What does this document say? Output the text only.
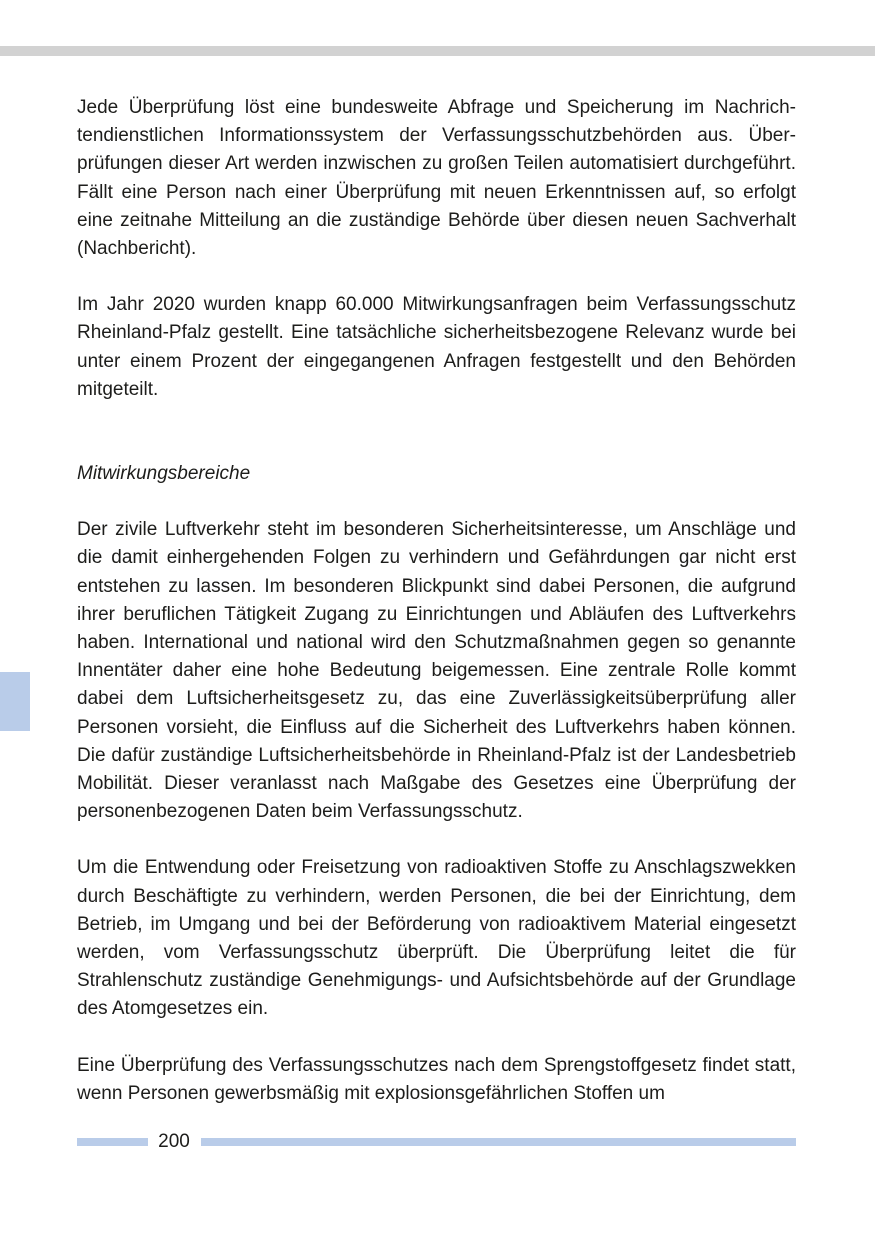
Jede Überprüfung löst eine bundesweite Abfrage und Speicherung im Nachrichtendienstlichen Informationssystem der Verfassungsschutzbehörden aus. Überprüfungen dieser Art werden inzwischen zu großen Teilen automatisiert durchgeführt. Fällt eine Person nach einer Überprüfung mit neuen Erkenntnissen auf, so erfolgt eine zeitnahe Mitteilung an die zuständige Behörde über diesen neuen Sachverhalt (Nachbericht).

Im Jahr 2020 wurden knapp 60.000 Mitwirkungsanfragen beim Verfassungsschutz Rheinland-Pfalz gestellt. Eine tatsächliche sicherheitsbezogene Relevanz wurde bei unter einem Prozent der eingegangenen Anfragen festgestellt und den Behörden mitgeteilt.

Mitwirkungsbereiche

Der zivile Luftverkehr steht im besonderen Sicherheitsinteresse, um Anschläge und die damit einhergehenden Folgen zu verhindern und Gefährdungen gar nicht erst entstehen zu lassen. Im besonderen Blickpunkt sind dabei Personen, die aufgrund ihrer beruflichen Tätigkeit Zugang zu Einrichtungen und Abläufen des Luftverkehrs haben. International und national wird den Schutzmaßnahmen gegen so genannte Innentäter daher eine hohe Bedeutung beigemessen. Eine zentrale Rolle kommt dabei dem Luftsicherheitsgesetz zu, das eine Zuverlässigkeitsüberprüfung aller Personen vorsieht, die Einfluss auf die Sicherheit des Luftverkehrs haben können. Die dafür zuständige Luftsicherheitsbehörde in Rheinland-Pfalz ist der Landesbetrieb Mobilität. Dieser veranlasst nach Maßgabe des Gesetzes eine Überprüfung der personenbezogenen Daten beim Verfassungsschutz.

Um die Entwendung oder Freisetzung von radioaktiven Stoffe zu Anschlagszwekken durch Beschäftigte zu verhindern, werden Personen, die bei der Einrichtung, dem Betrieb, im Umgang und bei der Beförderung von radioaktivem Material eingesetzt werden, vom Verfassungsschutz überprüft. Die Überprüfung leitet die für Strahlenschutz zuständige Genehmigungs- und Aufsichtsbehörde auf der Grundlage des Atomgesetzes ein.

Eine Überprüfung des Verfassungsschutzes nach dem Sprengstoffgesetz findet statt, wenn Personen gewerbsmäßig mit explosionsgefährlichen Stoffen um

200
